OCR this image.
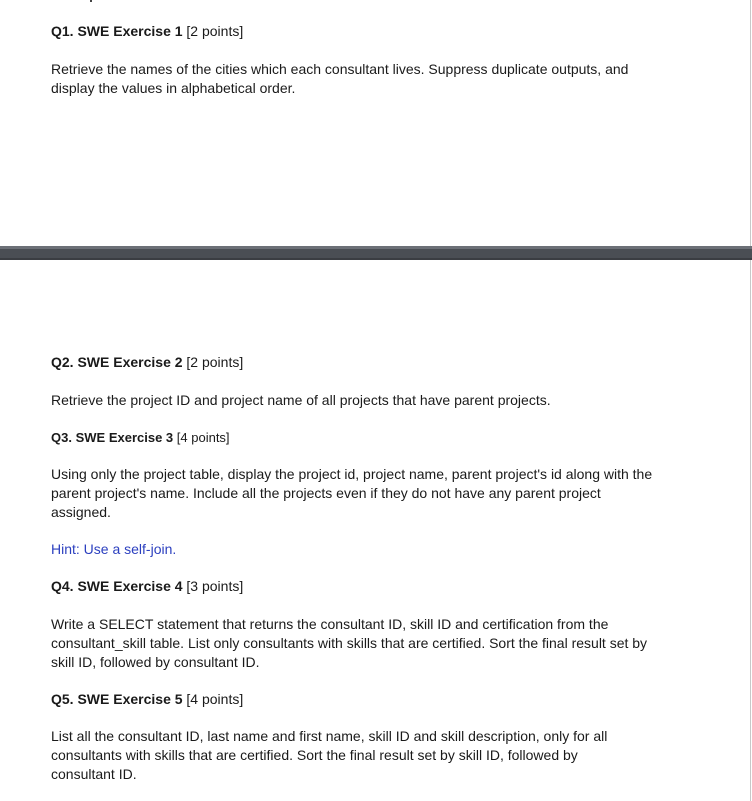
Q1. SWE Exercise 1 [2 points]
Retrieve the names of the cities which each consultant lives. Suppress duplicate outputs, and display the values in alphabetical order.
Q2. SWE Exercise 2 [2 points]
Retrieve the project ID and project name of all projects that have parent projects.
Q3. SWE Exercise 3 [4 points]
Using only the project table, display the project id, project name, parent project's id along with the parent project's name. Include all the projects even if they do not have any parent project assigned.
Hint: Use a self-join.
Q4. SWE Exercise 4 [3 points]
Write a SELECT statement that returns the consultant ID, skill ID and certification from the consultant_skill table. List only consultants with skills that are certified. Sort the final result set by skill ID, followed by consultant ID.
Q5. SWE Exercise 5 [4 points]
List all the consultant ID, last name and first name, skill ID and skill description, only for all consultants with skills that are certified. Sort the final result set by skill ID, followed by consultant ID.
